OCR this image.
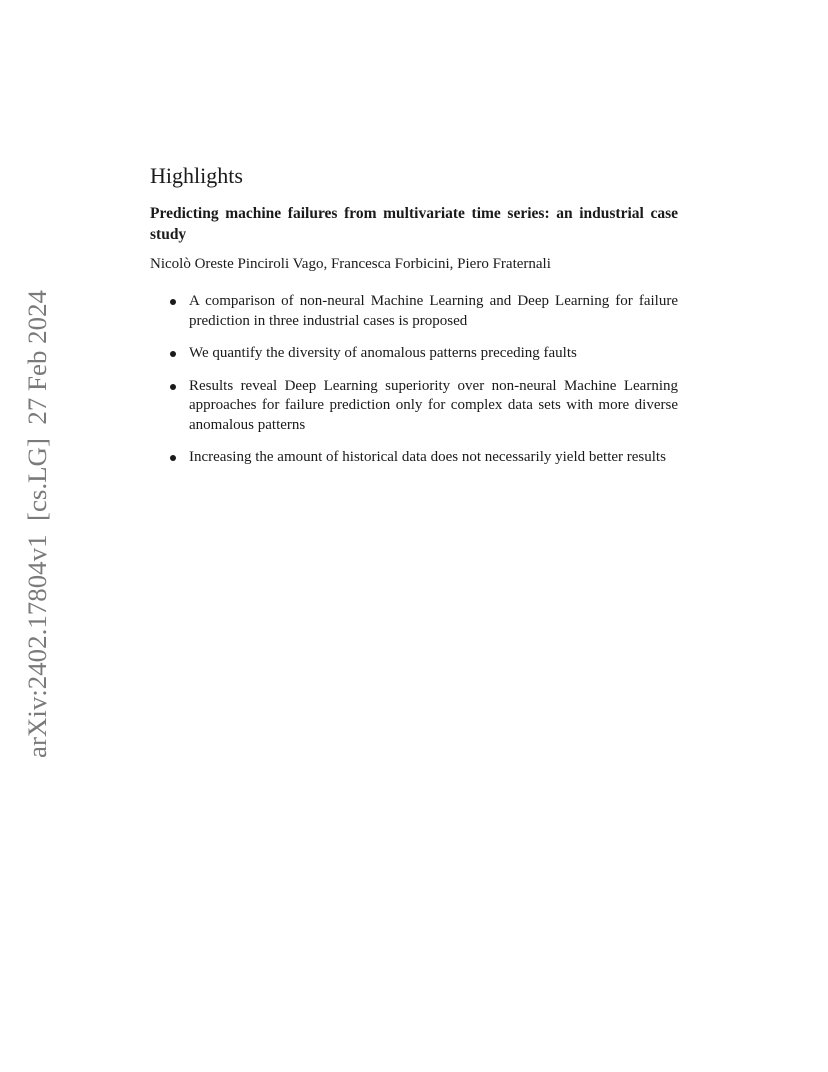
arXiv:2402.17804v1  [cs.LG]  27 Feb 2024
Highlights
Predicting machine failures from multivariate time series: an industrial case study
Nicolò Oreste Pinciroli Vago, Francesca Forbicini, Piero Fraternali
A comparison of non-neural Machine Learning and Deep Learning for failure prediction in three industrial cases is proposed
We quantify the diversity of anomalous patterns preceding faults
Results reveal Deep Learning superiority over non-neural Machine Learning approaches for failure prediction only for complex data sets with more diverse anomalous patterns
Increasing the amount of historical data does not necessarily yield better results
